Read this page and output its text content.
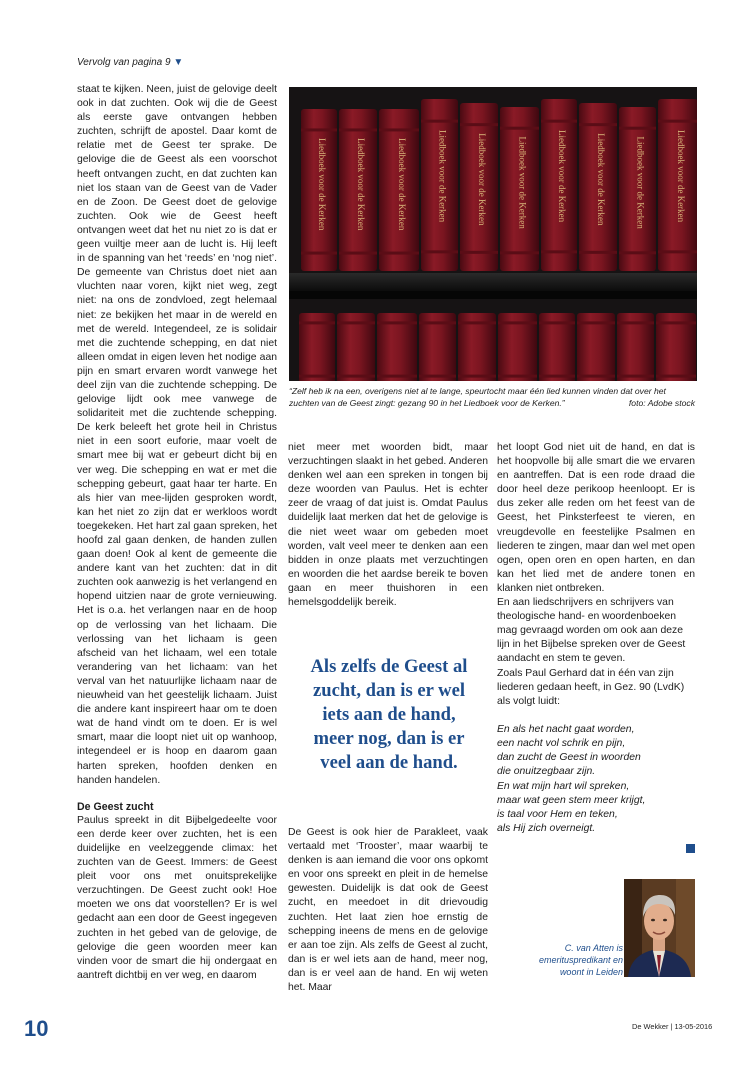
Vervolg van pagina 9 ▼

staat te kijken. Neen, juist de gelovige deelt ook in dat zuchten. Ook wij die de Geest als eerste gave ontvangen hebben zuchten, schrijft de apostel. Daar komt de relatie met de Geest ter sprake. De gelovige die de Geest als een voorschot heeft ontvangen zucht, en dat zuchten kan niet los staan van de Geest van de Vader en de Zoon. De Geest doet de gelovige zuchten. Ook wie de Geest heeft ontvangen weet dat het nu niet zo is dat er geen vuiltje meer aan de lucht is. Hij leeft in de spanning van het ‘reeds’ en ‘nog niet’. De gemeente van Christus doet niet aan vluchten naar voren, kijkt niet weg, zegt niet: na ons de zondvloed, zegt helemaal niet: ze bekijken het maar in de wereld en met de wereld. Integendeel, ze is solidair met die zuchtende schepping, en dat niet alleen omdat in eigen leven het nodige aan pijn en smart ervaren wordt vanwege het deel zijn van die zuchtende schepping. De gelovige lijdt ook mee vanwege de solidariteit met die zuchtende schepping. De kerk beleeft het grote heil in Christus niet in een soort euforie, maar voelt de smart mee bij wat er gebeurt dicht bij en ver weg. Die schepping en wat er met die schepping gebeurt, gaat haar ter harte. En als hier van mee-lijden gesproken wordt, kan het niet zo zijn dat er werkloos wordt toegekeken. Het hart zal gaan spreken, het hoofd zal gaan denken, de handen zullen gaan doen! Ook al kent de gemeente die andere kant van het zuchten: dat in dit zuchten ook aanwezig is het verlangend en hopend uitzien naar de grote vernieuwing. Het is o.a. het verlangen naar en de hoop op de verlossing van het lichaam. Die verlossing van het lichaam is geen afscheid van het lichaam, wel een totale verandering van het lichaam: van het verval van het natuurlijke lichaam naar de nieuwheid van het geestelijk lichaam. Juist die andere kant inspireert haar om te doen wat de hand vindt om te doen. Er is wel smart, maar die loopt niet uit op wanhoop, integendeel er is hoop en daarom gaan harten spreken, hoofden denken en handen handelen.

De Geest zucht

Paulus spreekt in dit Bijbelgedeelte voor een derde keer over zuchten, het is een duidelijke en veelzeggende climax: het zuchten van de Geest. Immers: de Geest pleit voor ons met onuitsprekelijke verzuchtingen. De Geest zucht ook! Hoe moeten we ons dat voorstellen? Er is wel gedacht aan een door de Geest ingegeven zuchten in het gebed van de gelovige, de gelovige die geen woorden meer kan vinden voor de smart die hij ondergaat en aantreft dichtbij en ver weg, en daarom

Liedboek voor de Kerken	Liedboek voor de Kerken	Liedboek voor de Kerken	Liedboek voor de Kerken	Liedboek voor de Kerken	Liedboek voor de Kerken	Liedboek voor de Kerken	Liedboek voor de Kerken	Liedboek voor de Kerken	Liedboek voor de Kerken
“Zelf heb ik na een, overigens niet al te lange, speurtocht maar één lied kunnen vinden dat over het zuchten van de Geest zingt: gezang 90 in het Liedboek voor de Kerken.”	foto: Adobe stock

niet meer met woorden bidt, maar verzuchtingen slaakt in het gebed. Anderen denken wel aan een spreken in tongen bij deze woorden van Paulus. Het is echter zeer de vraag of dat juist is. Omdat Paulus duidelijk laat merken dat het de gelovige is die niet weet waar om gebeden moet worden, valt veel meer te denken aan een bidden in onze plaats met verzuchtingen en woorden die het aardse bereik te boven gaan en meer thuishoren in een hemelsgoddelijk bereik.

Als zelfs de Geest al zucht, dan is er wel iets aan de hand, meer nog, dan is er veel aan de hand.

De Geest is ook hier de Parakleet, vaak vertaald met ‘Trooster’, maar waarbij te denken is aan iemand die voor ons opkomt en voor ons spreekt en pleit in de hemelse gewesten. Duidelijk is dat ook de Geest zucht, en meedoet in dit drievoudig zuchten. Het laat zien hoe ernstig de schepping ineens de mens en de gelovige er aan toe zijn. Als zelfs de Geest al zucht, dan is er wel iets aan de hand, meer nog, dan is er veel aan de hand. En wij weten het. Maar

het loopt God niet uit de hand, en dat is het hoopvolle bij alle smart die we ervaren en aantreffen. Dat is een rode draad die door heel deze perikoop heenloopt. Er is dus zeker alle reden om het feest van de Geest, het Pinksterfeest te vieren, en vreugdevolle en feestelijke Psalmen en liederen te zingen, maar dan wel met open ogen, open oren en open harten, en dan kan het lied met de andere tonen en klanken niet ontbreken.

En aan liedschrijvers en schrijvers van theologische hand- en woordenboeken mag gevraagd worden om ook aan deze lijn in het Bijbelse spreken over de Geest aandacht en stem te geven.

Zoals Paul Gerhard dat in één van zijn liederen gedaan heeft, in Gez. 90 (LvdK) als volgt luidt:

En als het nacht gaat worden,
een nacht vol schrik en pijn,
dan zucht de Geest in woorden
die onuitzegbaar zijn.
En wat mijn hart wil spreken,
maar wat geen stem meer krijgt,
is taal voor Hem en teken,
als Hij zich overneigt.

C. van Atten is emerituspredikant en woont in Leiden
10	De Wekker | 13-05-2016
